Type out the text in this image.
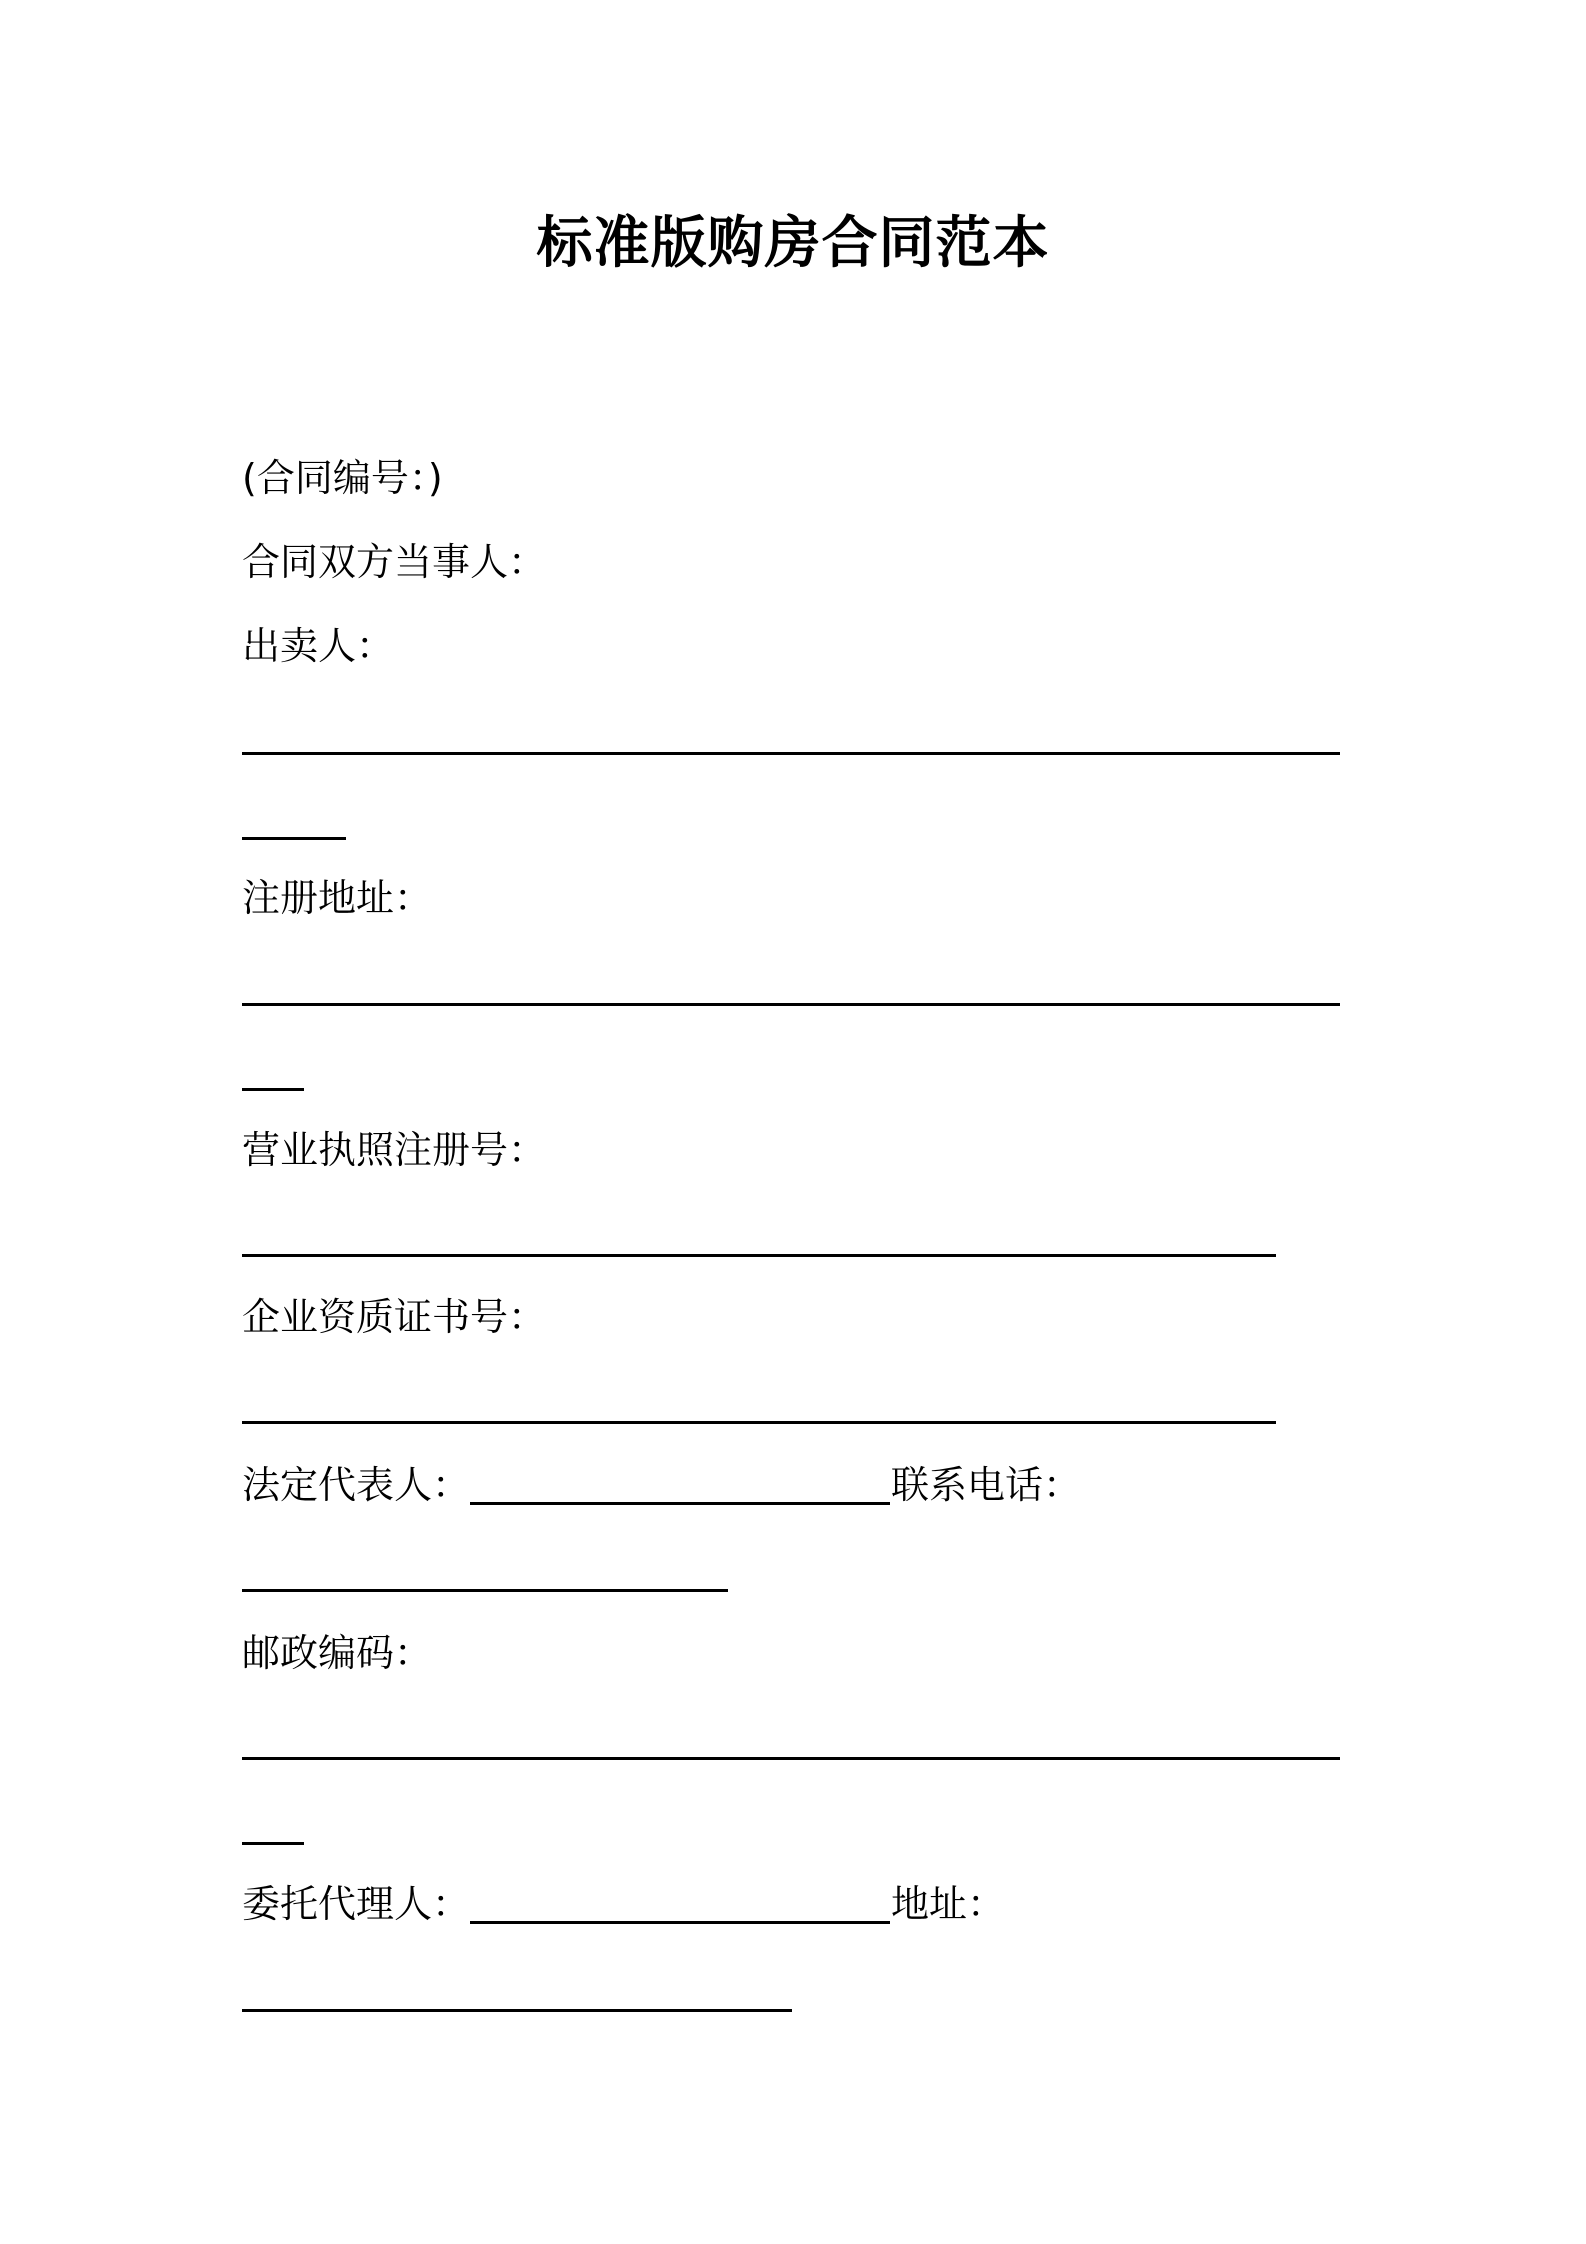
标准版购房合同范本
(合同编号：)
合同双方当事人：
出卖人：
注册地址：
营业执照注册号：
企业资质证书号：
法定代表人：	联系电话：
邮政编码：
委托代理人：	地址：
